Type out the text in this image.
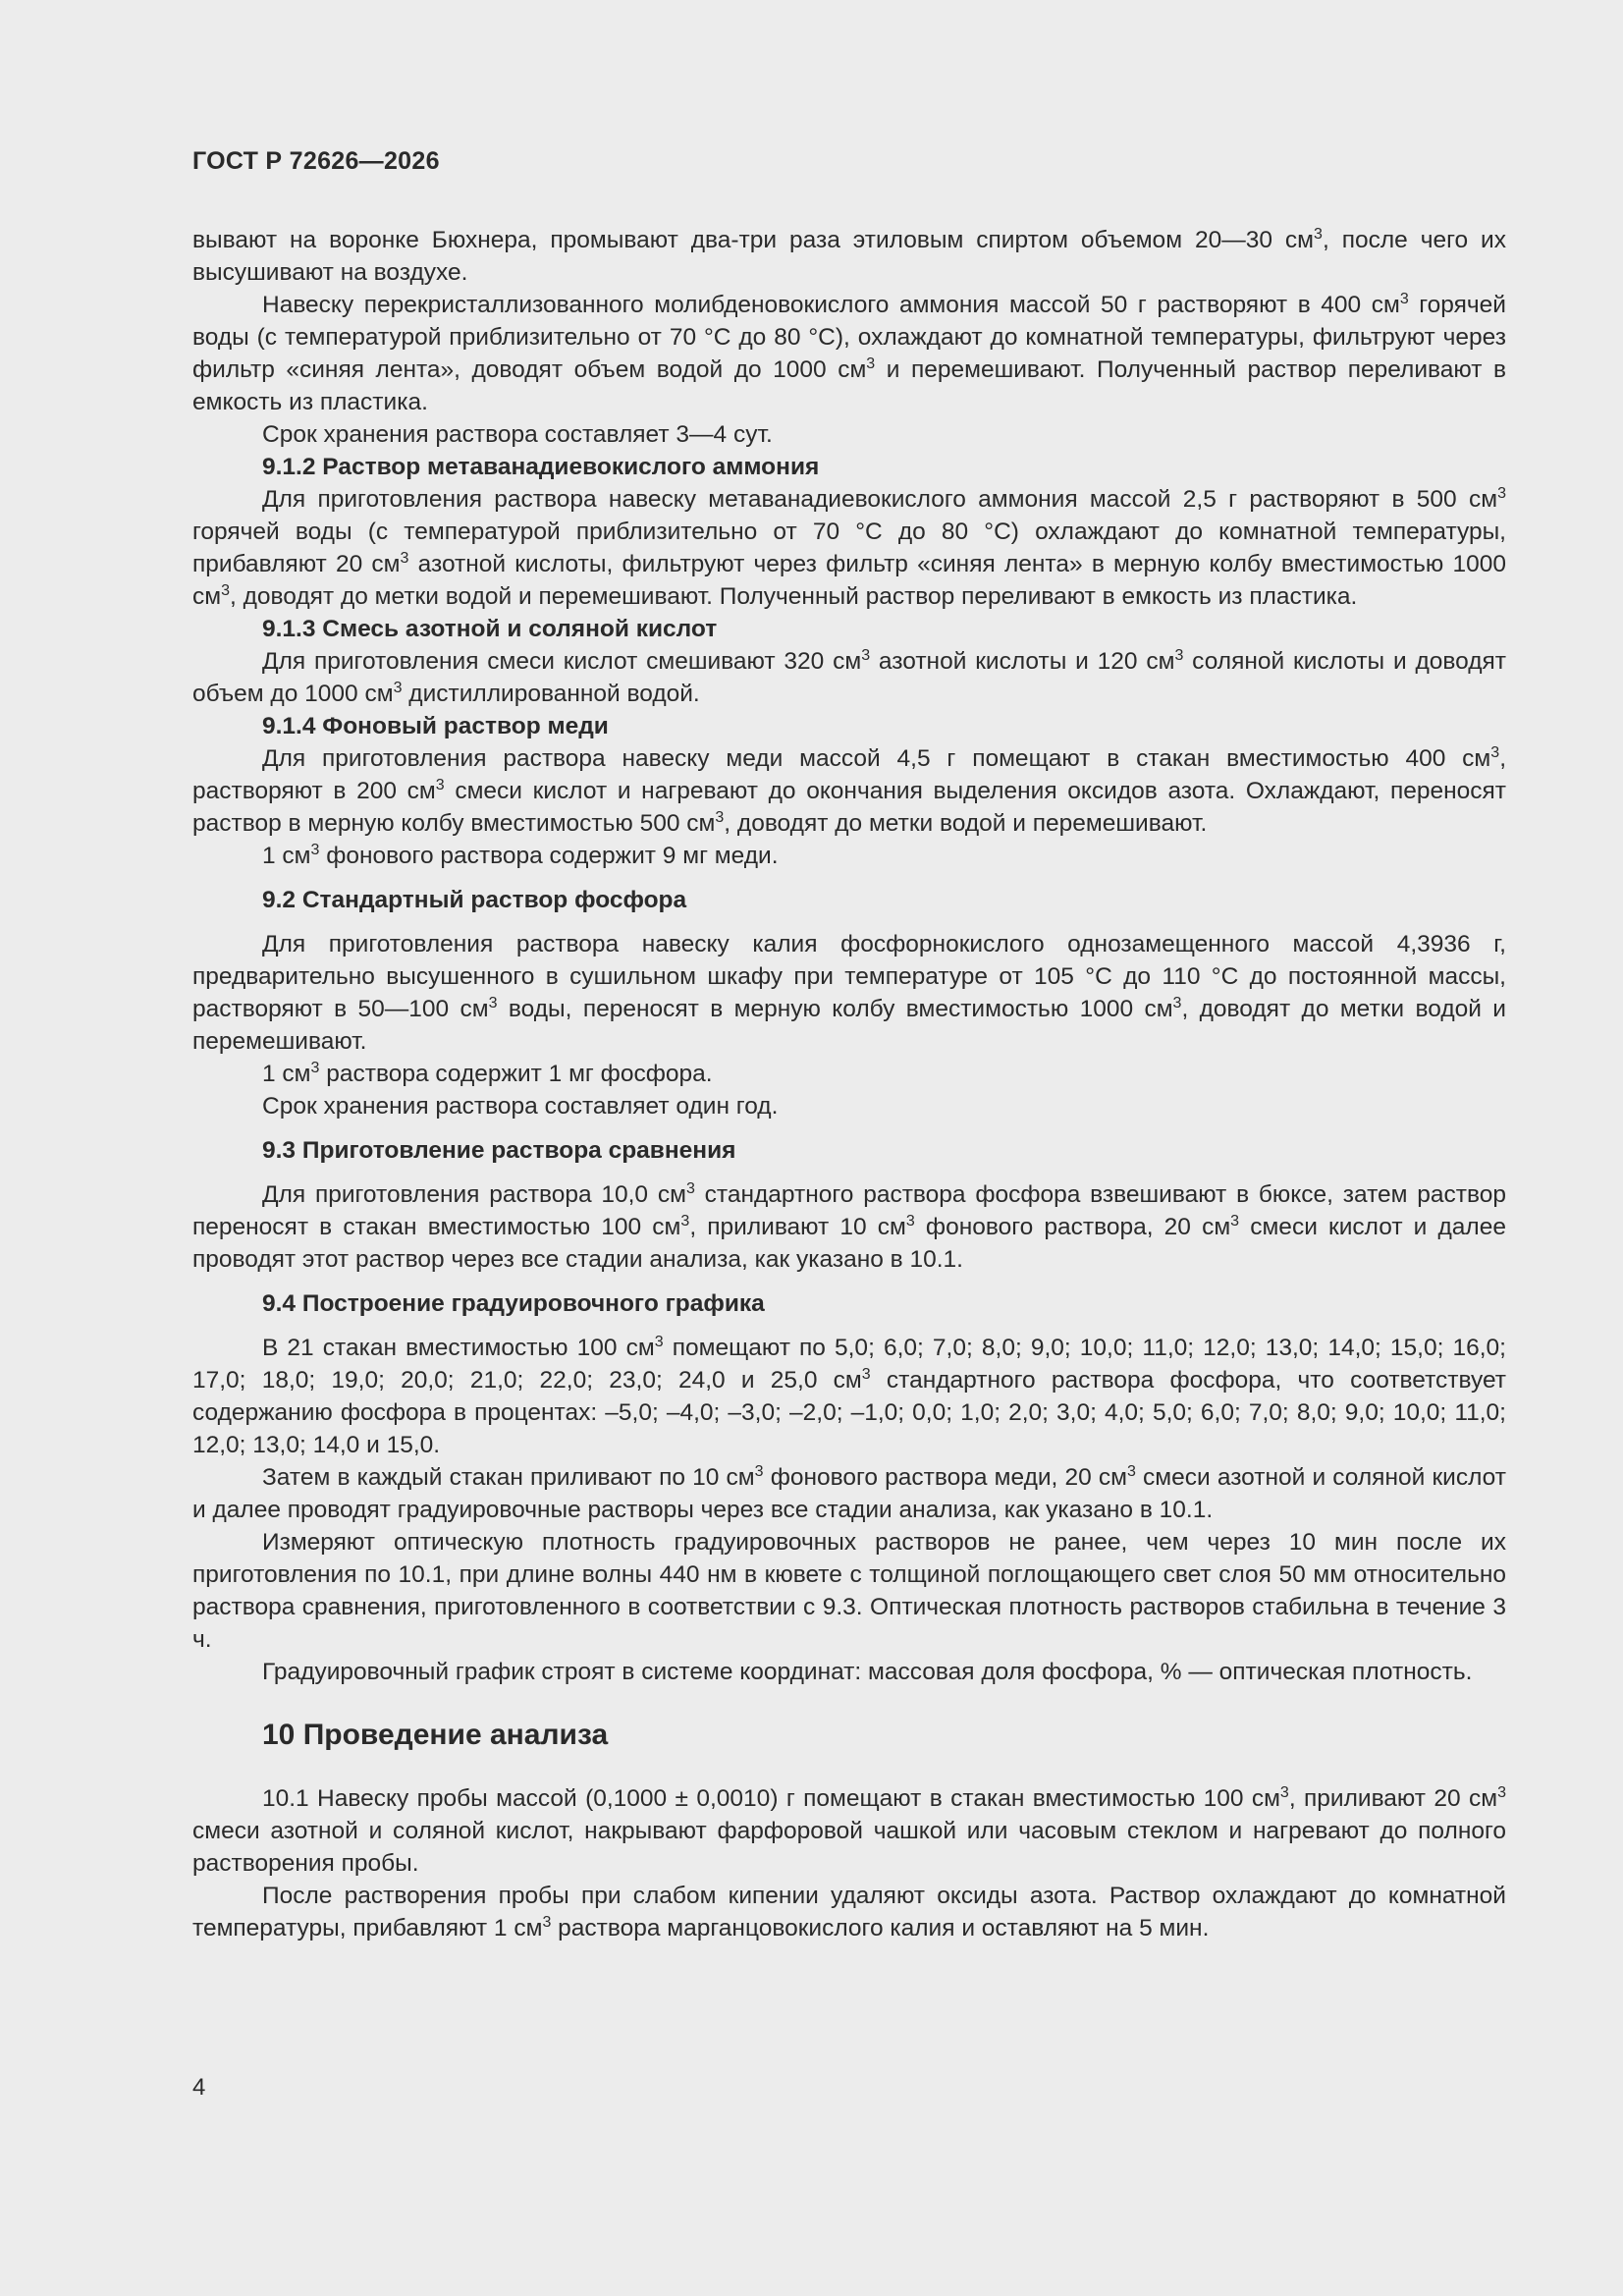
ГОСТ Р 72626—2026

вывают на воронке Бюхнера, промывают два-три раза этиловым спиртом объемом 20—30 $см^3$, после чего их высушивают на воздухе.

Навеску перекристаллизованного молибденовокислого аммония массой 50 г растворяют в 400 $см^3$ горячей воды (с температурой приблизительно от 70 °С до 80 °С), охлаждают до комнатной температуры, фильтруют через фильтр «синяя лента», доводят объем водой до 1000 $см^3$ и перемешивают. Полученный раствор переливают в емкость из пластика.

Срок хранения раствора составляет 3—4 сут.

9.1.2 Раствор метаванадиевокислого аммония

Для приготовления раствора навеску метаванадиевокислого аммония массой 2,5 г растворяют в 500 $см^3$ горячей воды (с температурой приблизительно от 70 °С до 80 °С) охлаждают до комнатной температуры, прибавляют 20 $см^3$ азотной кислоты, фильтруют через фильтр «синяя лента» в мерную колбу вместимостью 1000 $см^3$, доводят до метки водой и перемешивают. Полученный раствор переливают в емкость из пластика.

9.1.3 Смесь азотной и соляной кислот

Для приготовления смеси кислот смешивают 320 $см^3$ азотной кислоты и 120 $см^3$ соляной кислоты и доводят объем до 1000 $см^3$ дистиллированной водой.

9.1.4 Фоновый раствор меди

Для приготовления раствора навеску меди массой 4,5 г помещают в стакан вместимостью 400 $см^3$, растворяют в 200 $см^3$ смеси кислот и нагревают до окончания выделения оксидов азота. Охлаждают, переносят раствор в мерную колбу вместимостью 500 $см^3$, доводят до метки водой и перемешивают.

1 $см^3$ фонового раствора содержит 9 мг меди.

9.2 Стандартный раствор фосфора

Для приготовления раствора навеску калия фосфорнокислого однозамещенного массой 4,3936 г, предварительно высушенного в сушильном шкафу при температуре от 105 °С до 110 °С до постоянной массы, растворяют в 50—100 $см^3$ воды, переносят в мерную колбу вместимостью 1000 $см^3$, доводят до метки водой и перемешивают.

1 $см^3$ раствора содержит 1 мг фосфора.

Срок хранения раствора составляет один год.

9.3 Приготовление раствора сравнения

Для приготовления раствора 10,0 $см^3$ стандартного раствора фосфора взвешивают в бюксе, затем раствор переносят в стакан вместимостью 100 $см^3$, приливают 10 $см^3$ фонового раствора, 20 $см^3$ смеси кислот и далее проводят этот раствор через все стадии анализа, как указано в 10.1.

9.4 Построение градуировочного графика

В 21 стакан вместимостью 100 $см^3$ помещают по 5,0; 6,0; 7,0; 8,0; 9,0; 10,0; 11,0; 12,0; 13,0; 14,0; 15,0; 16,0; 17,0; 18,0; 19,0; 20,0; 21,0; 22,0; 23,0; 24,0 и 25,0 $см^3$ стандартного раствора фосфора, что соответствует содержанию фосфора в процентах: –5,0; –4,0; –3,0; –2,0; –1,0; 0,0; 1,0; 2,0; 3,0; 4,0; 5,0; 6,0; 7,0; 8,0; 9,0; 10,0; 11,0; 12,0; 13,0; 14,0 и 15,0.

Затем в каждый стакан приливают по 10 $см^3$ фонового раствора меди, 20 $см^3$ смеси азотной и соляной кислот и далее проводят градуировочные растворы через все стадии анализа, как указано в 10.1.

Измеряют оптическую плотность градуировочных растворов не ранее, чем через 10 мин после их приготовления по 10.1, при длине волны 440 нм в кювете с толщиной поглощающего свет слоя 50 мм относительно раствора сравнения, приготовленного в соответствии с 9.3. Оптическая плотность растворов стабильна в течение 3 ч.

Градуировочный график строят в системе координат: массовая доля фосфора, % — оптическая плотность.

10 Проведение анализа

10.1 Навеску пробы массой (0,1000 ± 0,0010) г помещают в стакан вместимостью 100 $см^3$, приливают 20 $см^3$ смеси азотной и соляной кислот, накрывают фарфоровой чашкой или часовым стеклом и нагревают до полного растворения пробы.

После растворения пробы при слабом кипении удаляют оксиды азота. Раствор охлаждают до комнатной температуры, прибавляют 1 $см^3$ раствора марганцовокислого калия и оставляют на 5 мин.

4
